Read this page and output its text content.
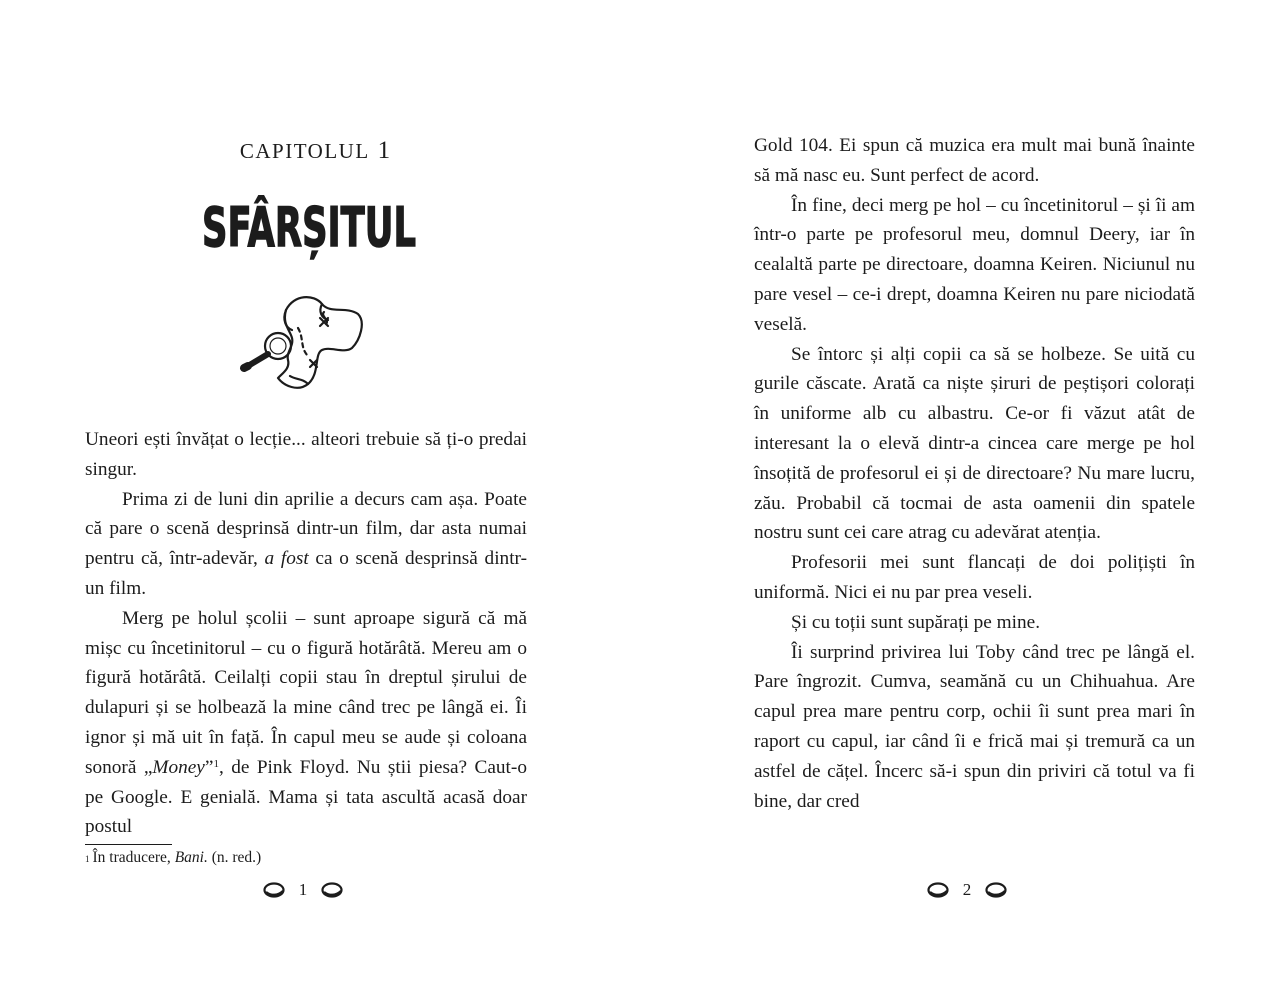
CAPITOLUL 1
SFÂRȘITUL

Uneori ești învățat o lecție... alteori trebuie să ți-o predai singur.

Prima zi de luni din aprilie a decurs cam așa. Poate că pare o scenă desprinsă dintr-un film, dar asta numai pentru că, într-adevăr, a fost ca o scenă desprinsă dintr-un film.

Merg pe holul școlii – sunt aproape sigură că mă mișc cu încetinitorul – cu o figură hotărâtă. Mereu am o figură hotărâtă. Ceilalți copii stau în dreptul șirului de dulapuri și se holbează la mine când trec pe lângă ei. Îi ignor și mă uit în față. În capul meu se aude și coloana sonoră „Money”$^1$, de Pink Floyd. Nu știi piesa? Caut-o pe Google. E genială. Mama și tata ascultă acasă doar postul

$^1$ În traducere, Bani. (n. red.)
1

Gold 104. Ei spun că muzica era mult mai bună înainte să mă nasc eu. Sunt perfect de acord.

În fine, deci merg pe hol – cu încetinitorul – și îi am într-o parte pe profesorul meu, domnul Deery, iar în cealaltă parte pe directoare, doamna Keiren. Niciunul nu pare vesel – ce-i drept, doamna Keiren nu pare niciodată veselă.

Se întorc și alți copii ca să se holbeze. Se uită cu gurile căscate. Arată ca niște șiruri de peștișori colorați în uniforme alb cu albastru. Ce-or fi văzut atât de interesant la o elevă dintr-a cincea care merge pe hol însoțită de profesorul ei și de directoare? Nu mare lucru, zău. Probabil că tocmai de asta oamenii din spatele nostru sunt cei care atrag cu adevărat atenția.

Profesorii mei sunt flancați de doi polițiști în uniformă. Nici ei nu par prea veseli.

Și cu toții sunt supărați pe mine.

Îi surprind privirea lui Toby când trec pe lângă el. Pare îngrozit. Cumva, seamănă cu un Chihuahua. Are capul prea mare pentru corp, ochii îi sunt prea mari în raport cu capul, iar când îi e frică mai și tremură ca un astfel de cățel. Încerc să-i spun din priviri că totul va fi bine, dar cred

2
